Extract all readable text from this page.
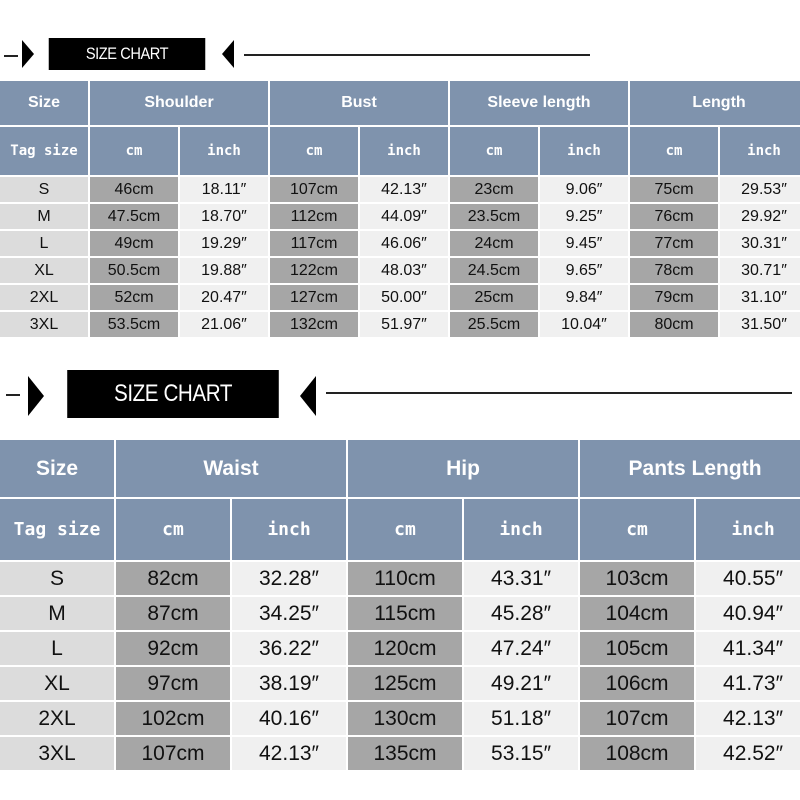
SIZE CHART
Size	Shoulder		Bust		Sleeve length		Length	
Tag size	cm	inch	cm	inch	cm	inch	cm	inch
S	46cm	18.11″	107cm	42.13″	23cm	9.06″	75cm	29.53″
M	47.5cm	18.70″	112cm	44.09″	23.5cm	9.25″	76cm	29.92″
L	49cm	19.29″	117cm	46.06″	24cm	9.45″	77cm	30.31″
XL	50.5cm	19.88″	122cm	48.03″	24.5cm	9.65″	78cm	30.71″
2XL	52cm	20.47″	127cm	50.00″	25cm	9.84″	79cm	31.10″
3XL	53.5cm	21.06″	132cm	51.97″	25.5cm	10.04″	80cm	31.50″
SIZE CHART
Size	Waist		Hip		Pants Length	
Tag size	cm	inch	cm	inch	cm	inch
S	82cm	32.28″	110cm	43.31″	103cm	40.55″
M	87cm	34.25″	115cm	45.28″	104cm	40.94″
L	92cm	36.22″	120cm	47.24″	105cm	41.34″
XL	97cm	38.19″	125cm	49.21″	106cm	41.73″
2XL	102cm	40.16″	130cm	51.18″	107cm	42.13″
3XL	107cm	42.13″	135cm	53.15″	108cm	42.52″
